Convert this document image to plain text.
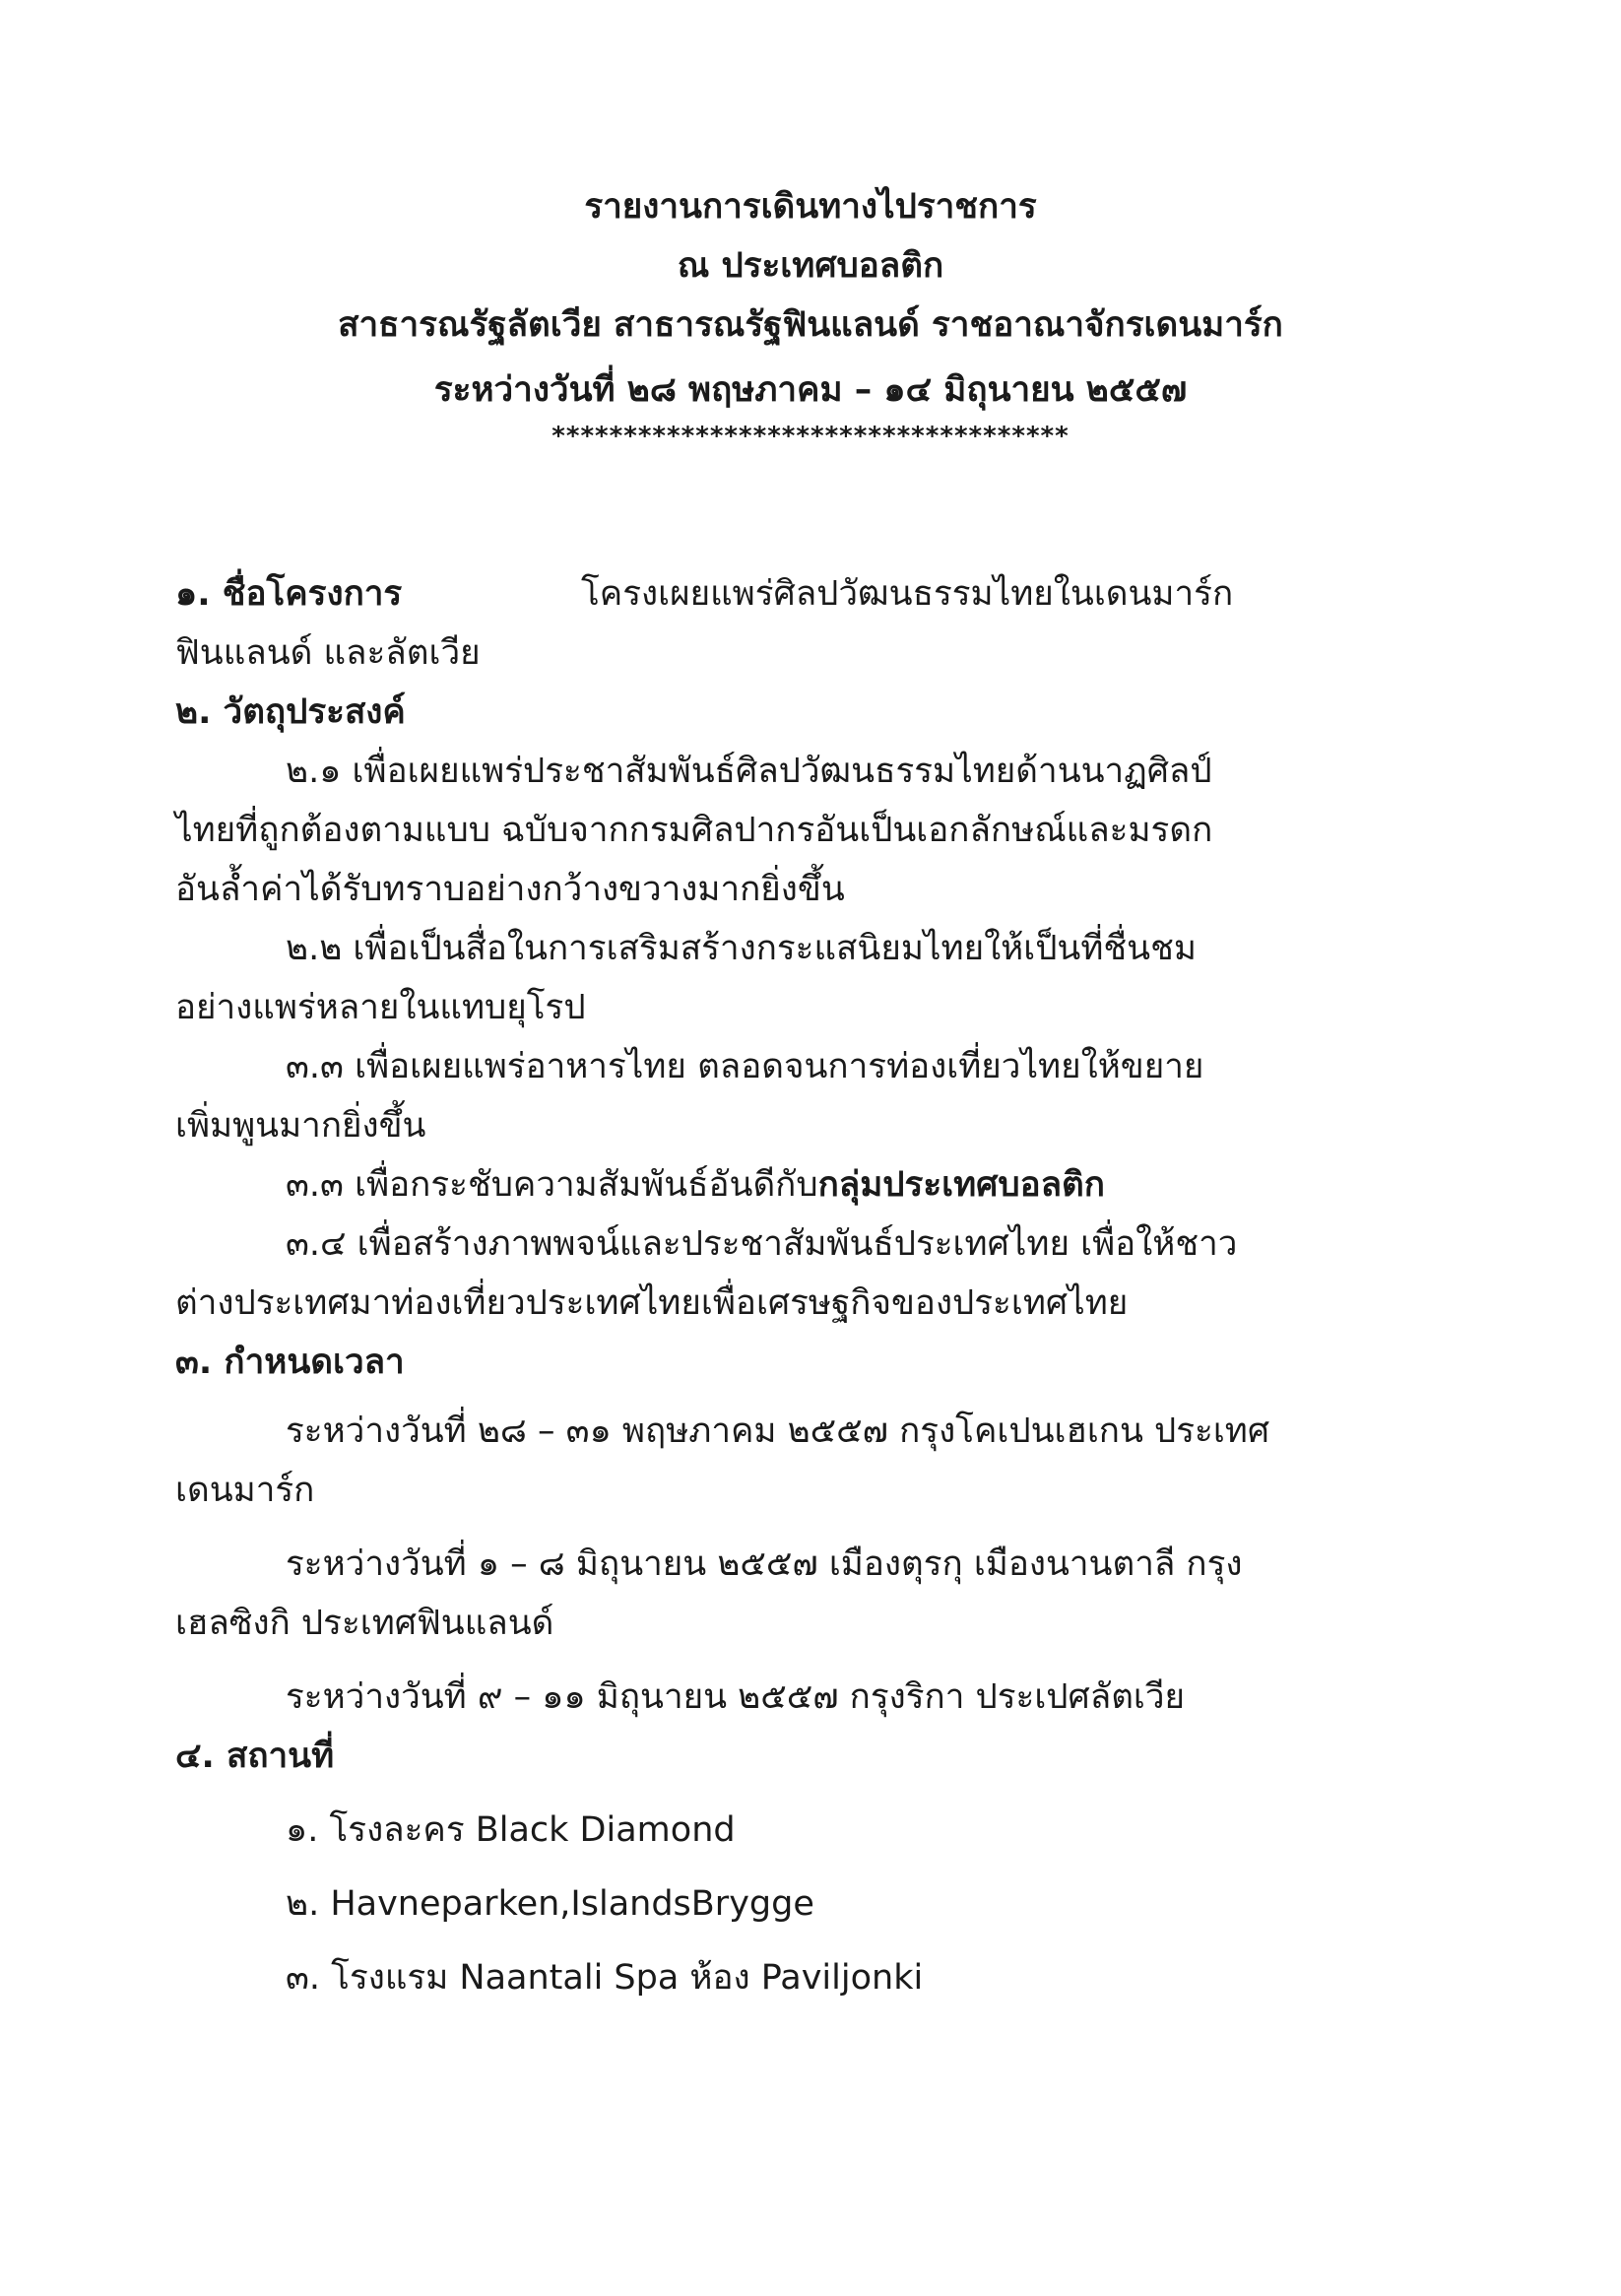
รายงานการเดินทางไปราชการ
ณ ประเทศบอลติก
สาธารณรัฐลัตเวีย สาธารณรัฐฟินแลนด์ ราชอาณาจักรเดนมาร์ก
ระหว่างวันที่ ๒๘ พฤษภาคม – ๑๔ มิถุนายน ๒๕๕๗
************************************
๑. ชื่อโครงการ	โครงเผยแพร่ศิลปวัฒนธรรมไทยในเดนมาร์ก
ฟินแลนด์ และลัตเวีย
๒. วัตถุประสงค์
๒.๑ เพื่อเผยแพร่ประชาสัมพันธ์ศิลปวัฒนธรรมไทยด้านนาฏศิลป์
ไทยที่ถูกต้องตามแบบ ฉบับจากกรมศิลปากรอันเป็นเอกลักษณ์และมรดก
อันล้ำค่าได้รับทราบอย่างกว้างขวางมากยิ่งขึ้น
๒.๒ เพื่อเป็นสื่อในการเสริมสร้างกระแสนิยมไทยให้เป็นที่ชื่นชม
อย่างแพร่หลายในแทบยุโรป
๓.๓ เพื่อเผยแพร่อาหารไทย ตลอดจนการท่องเที่ยวไทยให้ขยาย
เพิ่มพูนมากยิ่งขึ้น
๓.๓ เพื่อกระชับความสัมพันธ์อันดีกับกลุ่มประเทศบอลติก
๓.๔ เพื่อสร้างภาพพจน์และประชาสัมพันธ์ประเทศไทย เพื่อให้ชาว
ต่างประเทศมาท่องเที่ยวประเทศไทยเพื่อเศรษฐกิจของประเทศไทย
๓. กำหนดเวลา
ระหว่างวันที่ ๒๘ – ๓๑ พฤษภาคม ๒๕๕๗ กรุงโคเปนเฮเกน ประเทศ
เดนมาร์ก
ระหว่างวันที่ ๑ – ๘ มิถุนายน ๒๕๕๗ เมืองตุรกุ เมืองนานตาลี กรุง
เฮลซิงกิ ประเทศฟินแลนด์
ระหว่างวันที่ ๙ – ๑๑ มิถุนายน ๒๕๕๗ กรุงริกา ประเปศลัตเวีย
๔. สถานที่
๑. โรงละคร Black Diamond
๒. Havneparken,IslandsBrygge
๓. โรงแรม Naantali Spa ห้อง Paviljonki
